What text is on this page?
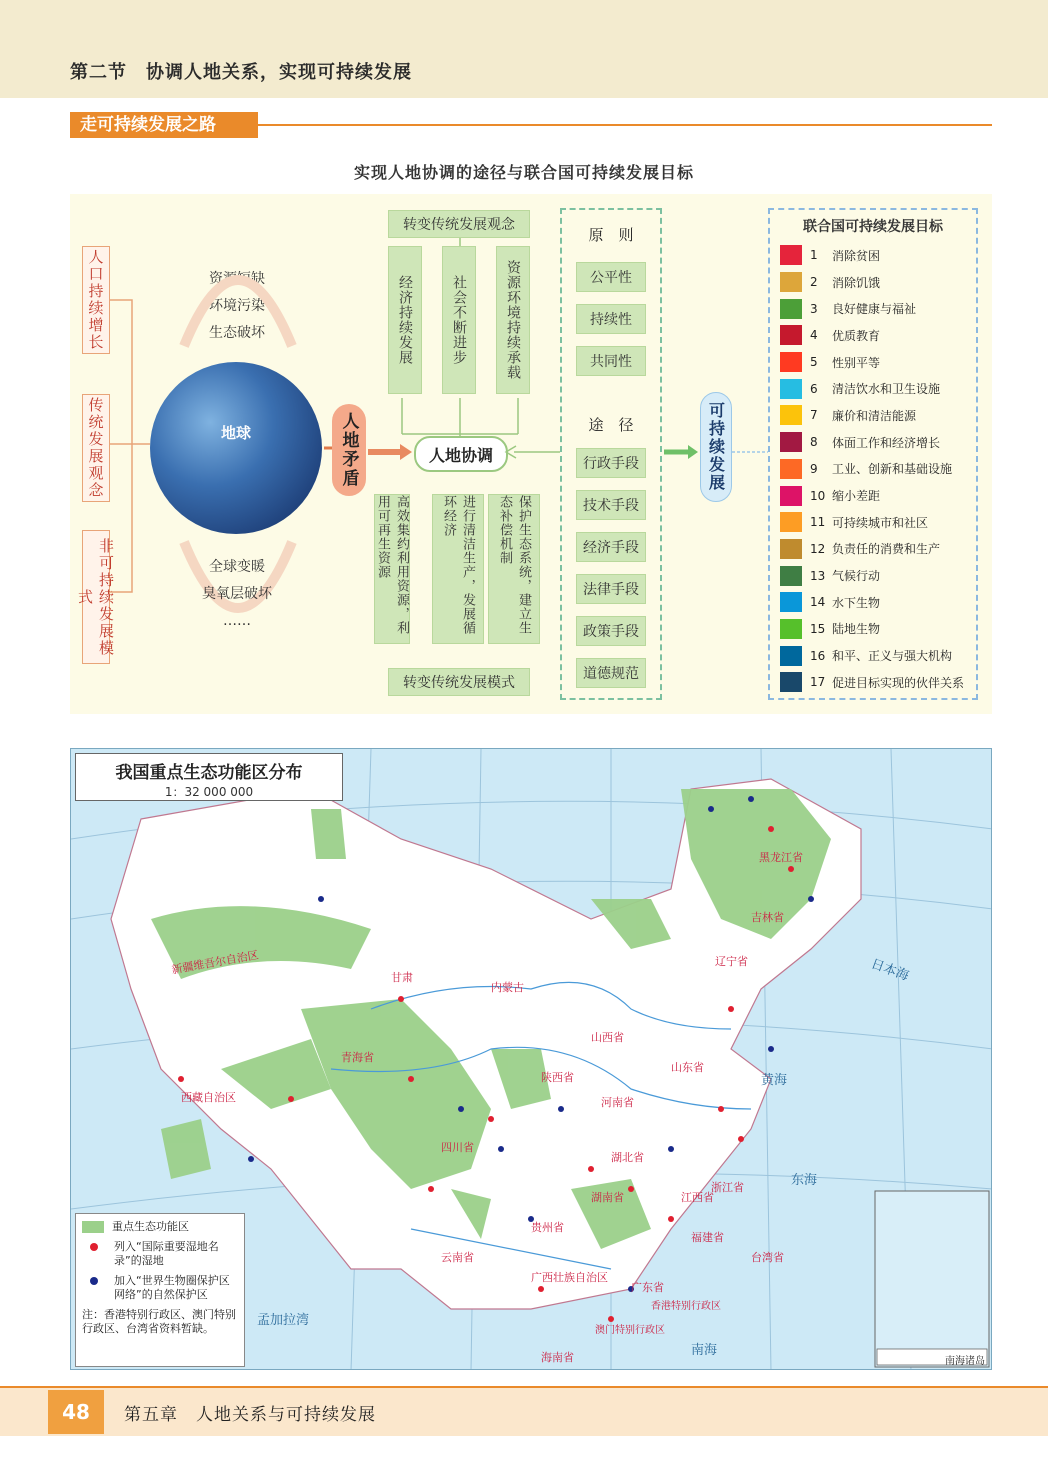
第二节　协调人地关系，实现可持续发展
走可持续发展之路
实现人地协调的途径与联合国可持续发展目标
人口持续增长
传统发展观念
非可持续发展模式
资源短缺
环境污染
生态破坏
地球
全球变暖
臭氧层破坏
……
人地矛盾
转变传统发展观念
经济持续发展	社会不断进步	资源环境持续承载
人地协调
高效集约利用资源，利用可再生资源	进行清洁生产，发展循环经济	保护生态系统，建立生态补偿机制
转变传统发展模式
原　则
公平性
持续性
共同性
途　径
行政手段
技术手段
经济手段
法律手段
政策手段
道德规范
可持续发展
联合国可持续发展目标
1	消除贫困
2	消除饥饿
3	良好健康与福祉
4	优质教育
5	性别平等
6	清洁饮水和卫生设施
7	廉价和清洁能源
8	体面工作和经济增长
9	工业、创新和基础设施
10 缩小差距
11 可持续城市和社区
12 负责任的消费和生产
13 气候行动
14 水下生物
15 陆地生物
16 和平、正义与强大机构
17 促进目标实现的伙伴关系
我国重点生态功能区分布
1：32 000 000
新疆维吾尔自治区
西藏自治区
青海省
甘肃
内蒙古
黑龙江省
吉林省
辽宁省
四川省
云南省
贵州省
广西壮族自治区
广东省
湖南省
湖北省
江西省
福建省
浙江省
河南省
山东省
山西省
陕西省
海南省
台湾省
香港特别行政区
澳门特别行政区
黄海
东海
南海
日本海
孟加拉湾
南海诸岛
重点生态功能区
列入“国际重要湿地名录”的湿地
加入“世界生物圈保护区网络”的自然保护区
注：香港特别行政区、澳门特别行政区、台湾省资料暂缺。
48	第五章　人地关系与可持续发展
